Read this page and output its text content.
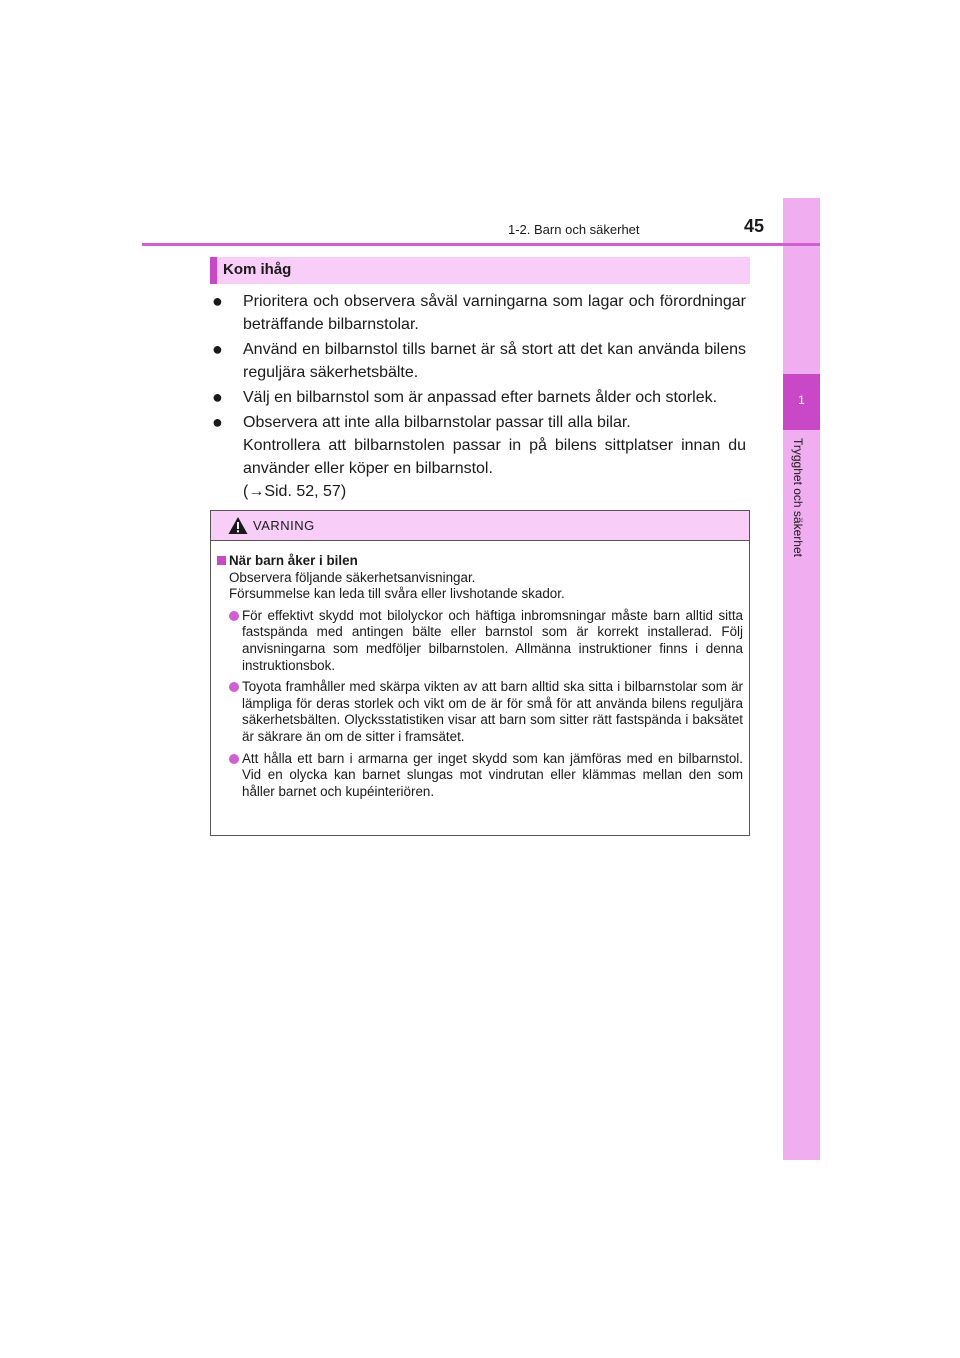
1
Trygghet och säkerhet
1-2. Barn och säkerhet	45
Kom ihåg
● Prioritera och observera såväl varningarna som lagar och förordningar beträffande bilbarnstolar.
● Använd en bilbarnstol tills barnet är så stort att det kan använda bilens reguljära säkerhetsbälte.
● Välj en bilbarnstol som är anpassad efter barnets ålder och storlek.
● Observera att inte alla bilbarnstolar passar till alla bilar.
Kontrollera att bilbarnstolen passar in på bilens sittplatser innan du använder eller köper en bilbarnstol.
(→Sid. 52, 57)
VARNING
När barn åker i bilen
Observera följande säkerhetsanvisningar.
Försummelse kan leda till svåra eller livshotande skador.
För effektivt skydd mot bilolyckor och häftiga inbromsningar måste barn alltid sitta fastspända med antingen bälte eller barnstol som är korrekt installerad. Följ anvisningarna som medföljer bilbarnstolen. Allmänna instruktioner finns i denna instruktionsbok.
Toyota framhåller med skärpa vikten av att barn alltid ska sitta i bilbarnstolar som är lämpliga för deras storlek och vikt om de är för små för att använda bilens reguljära säkerhetsbälten. Olycksstatistiken visar att barn som sitter rätt fastspända i baksätet är säkrare än om de sitter i framsätet.
Att hålla ett barn i armarna ger inget skydd som kan jämföras med en bilbarnstol. Vid en olycka kan barnet slungas mot vindrutan eller klämmas mellan den som håller barnet och kupéinteriören.
